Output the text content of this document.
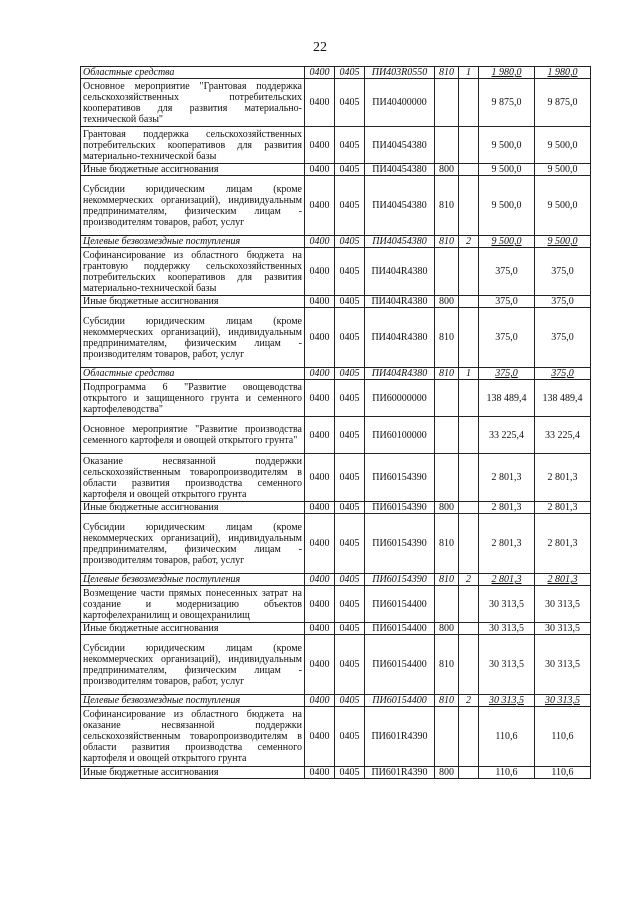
22
Областные средства	0400	0405	ПИ403R0550	810	1	1 980,0	1 980,0
Основное мероприятие "Грантовая поддержка сельскохозяйственных потребительских кооперативов для развития материально-технической базы"	0400	0405	ПИ40400000			9 875,0	9 875,0
Грантовая поддержка сельскохозяйственных потребительских кооперативов для развития материально-технической базы	0400	0405	ПИ40454380			9 500,0	9 500,0
Иные бюджетные ассигнования	0400	0405	ПИ40454380	800		9 500,0	9 500,0
Субсидии юридическим лицам (кроме некоммерческих организаций), индивидуальным предпринимателям, физическим лицам - производителям товаров, работ, услуг	0400	0405	ПИ40454380	810		9 500,0	9 500,0
Целевые безвозмездные поступления	0400	0405	ПИ40454380	810	2	9 500,0	9 500,0
Софинансирование из областного бюджета на грантовую поддержку сельскохозяйственных потребительских кооперативов для развития материально-технической базы	0400	0405	ПИ404R4380			375,0	375,0
Иные бюджетные ассигнования	0400	0405	ПИ404R4380	800		375,0	375,0
Субсидии юридическим лицам (кроме некоммерческих организаций), индивидуальным предпринимателям, физическим лицам - производителям товаров, работ, услуг	0400	0405	ПИ404R4380	810		375,0	375,0
Областные средства	0400	0405	ПИ404R4380	810	1	375,0	375,0
Подпрограмма 6 "Развитие овощеводства открытого и защищенного грунта и семенного картофелеводства"	0400	0405	ПИ60000000			138 489,4	138 489,4
Основное мероприятие "Развитие производства семенного картофеля и овощей открытого грунта"	0400	0405	ПИ60100000			33 225,4	33 225,4
Оказание несвязанной поддержки сельскохозяйственным товаропроизводителям в области развития производства семенного картофеля и овощей открытого грунта	0400	0405	ПИ60154390			2 801,3	2 801,3
Иные бюджетные ассигнования	0400	0405	ПИ60154390	800		2 801,3	2 801,3
Субсидии юридическим лицам (кроме некоммерческих организаций), индивидуальным предпринимателям, физическим лицам - производителям товаров, работ, услуг	0400	0405	ПИ60154390	810		2 801,3	2 801,3
Целевые безвозмездные поступления	0400	0405	ПИ60154390	810	2	2 801,3	2 801,3
Возмещение части прямых понесенных затрат на создание и модернизацию объектов картофелехранилищ и овощехранилищ	0400	0405	ПИ60154400			30 313,5	30 313,5
Иные бюджетные ассигнования	0400	0405	ПИ60154400	800		30 313,5	30 313,5
Субсидии юридическим лицам (кроме некоммерческих организаций), индивидуальным предпринимателям, физическим лицам - производителям товаров, работ, услуг	0400	0405	ПИ60154400	810		30 313,5	30 313,5
Целевые безвозмездные поступления	0400	0405	ПИ60154400	810	2	30 313,5	30 313,5
Софинансирование из областного бюджета на оказание несвязанной поддержки сельскохозяйственным товаропроизводителям в области развития производства семенного картофеля и овощей открытого грунта	0400	0405	ПИ601R4390			110,6	110,6
Иные бюджетные ассигнования	0400	0405	ПИ601R4390	800		110,6	110,6
